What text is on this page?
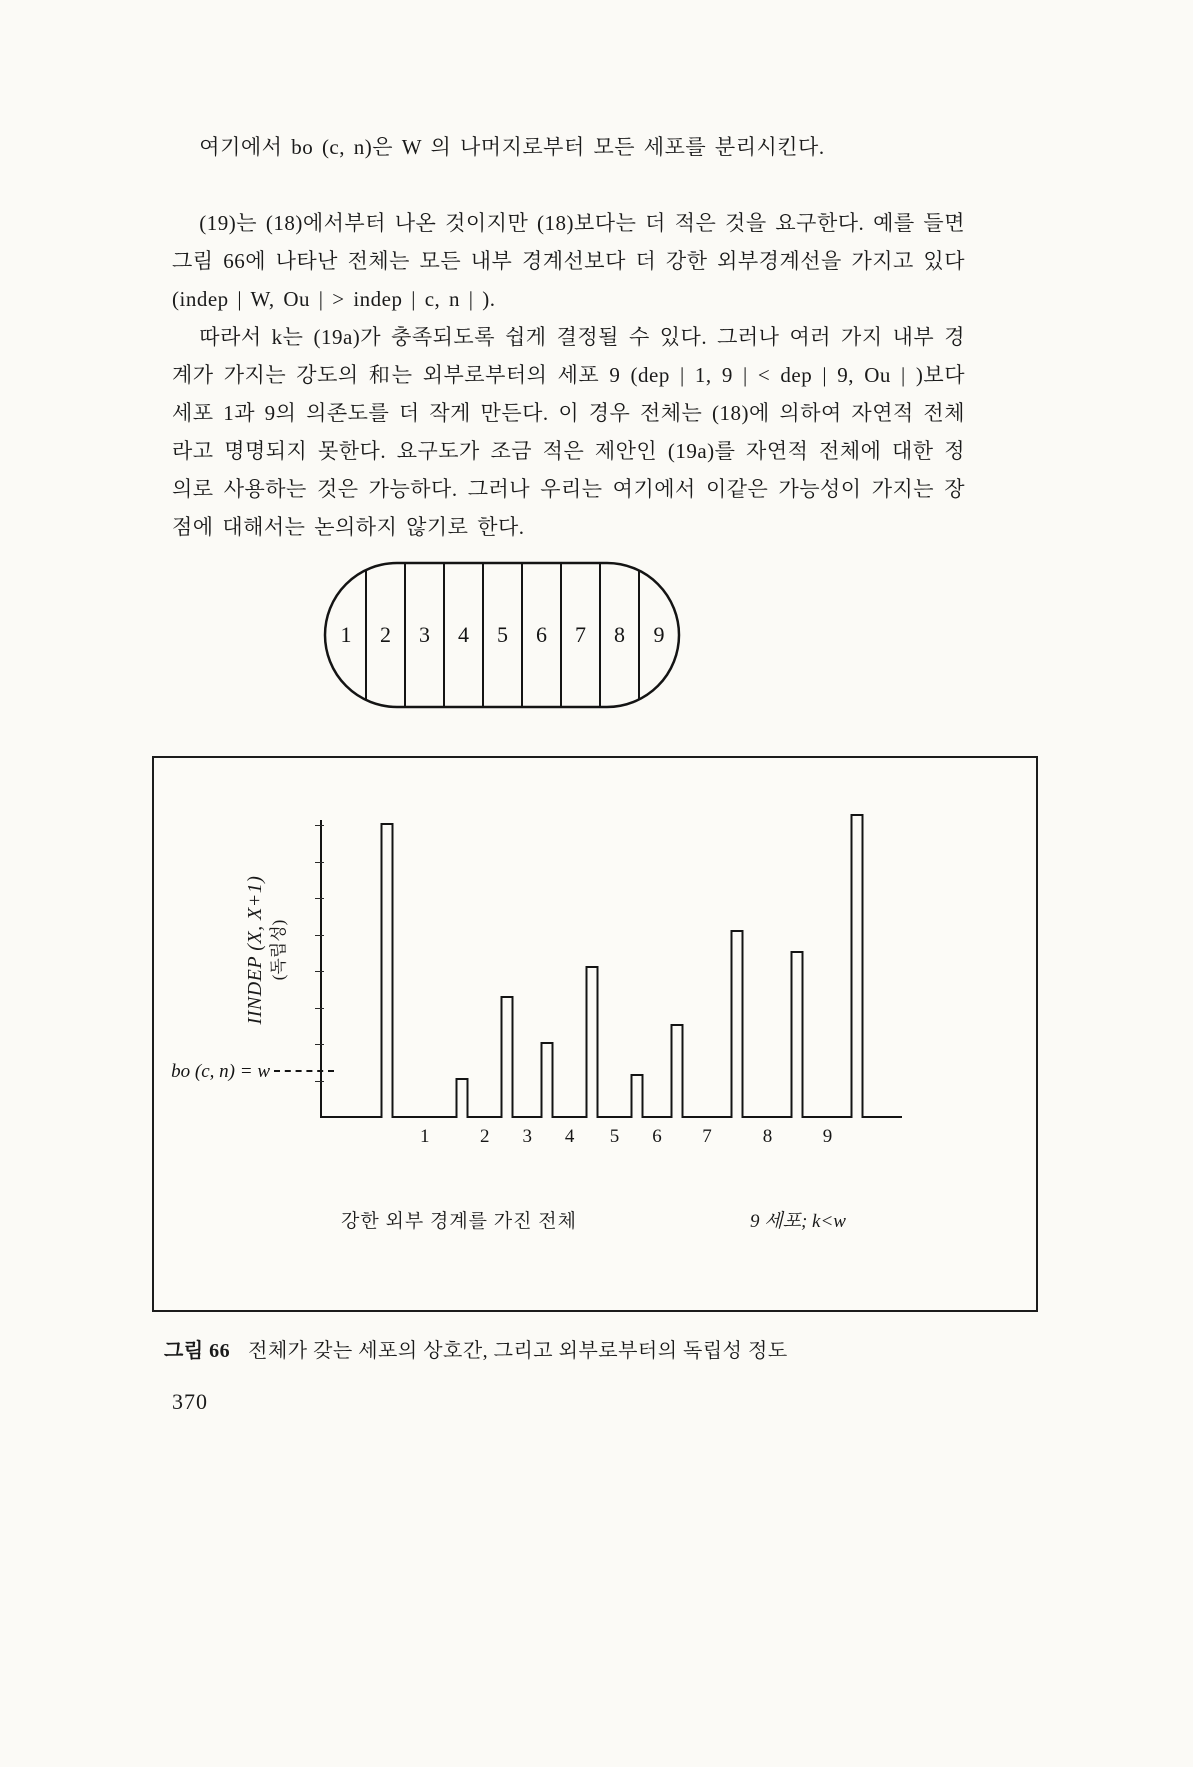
여기에서 bo (c, n)은 W 의 나머지로부터 모든 세포를 분리시킨다.

(19)는 (18)에서부터 나온 것이지만 (18)보다는 더 적은 것을 요구한다. 예를 들면 그림 66에 나타난 전체는 모든 내부 경계선보다 더 강한 외부경계선을 가지고 있다 (indep | W, Ou | > indep | c, n | ).

따라서 k는 (19a)가 충족되도록 쉽게 결정될 수 있다. 그러나 여러 가지 내부 경계가 가지는 강도의 和는 외부로부터의 세포 9 (dep | 1, 9 | < dep | 9, Ou | )보다 세포 1과 9의 의존도를 더 작게 만든다. 이 경우 전체는 (18)에 의하여 자연적 전체라고 명명되지 못한다. 요구도가 조금 적은 제안인 (19a)를 자연적 전체에 대한 정의로 사용하는 것은 가능하다. 그러나 우리는 여기에서 이같은 가능성이 가지는 장점에 대해서는 논의하지 않기로 한다.

1 2 3 4 5 6 7 8 9
IINDEP (X, X+1) (독립성)
bo (c, n) = w
1	2 3 4 5 6 7	8	9
강한 외부 경계를 가진 전체	9 세포; k<w

그림 66 전체가 갖는 세포의 상호간, 그리고 외부로부터의 독립성 정도

370
